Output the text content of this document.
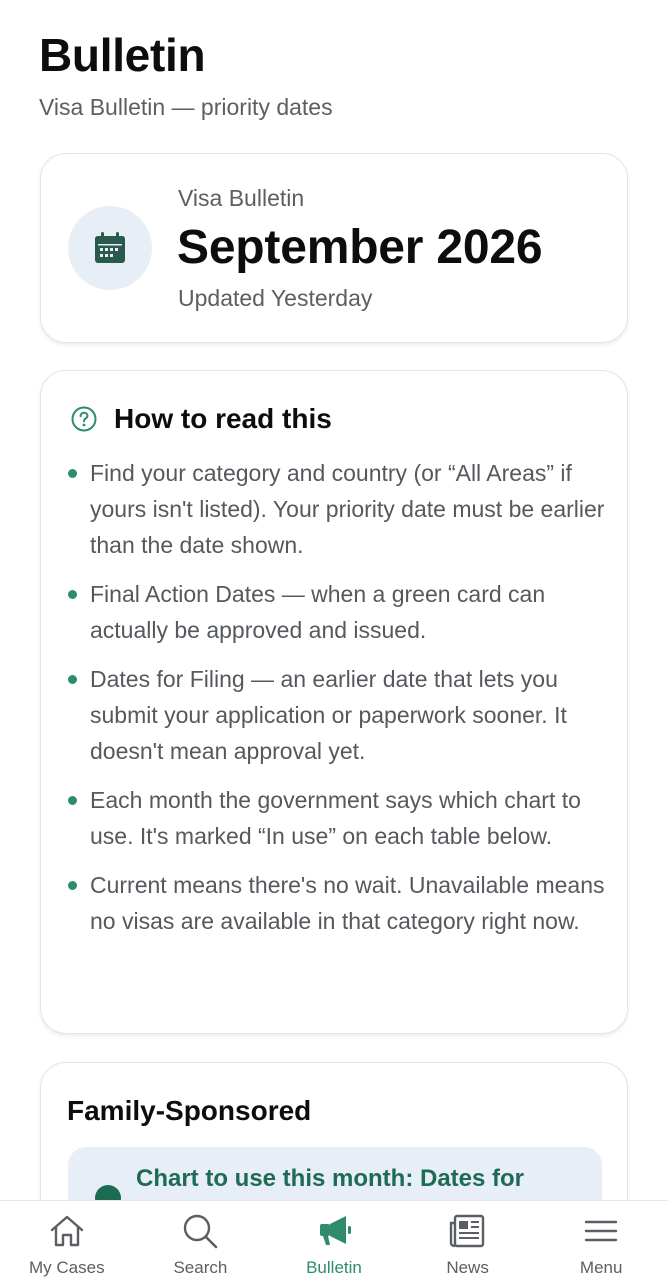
Bulletin
Visa Bulletin — priority dates
Visa Bulletin
September 2026
Updated Yesterday
How to read this
Find your category and country (or “All Areas” if yours isn't listed). Your priority date must be earlier than the date shown.
Final Action Dates — when a green card can actually be approved and issued.
Dates for Filing — an earlier date that lets you submit your application or paperwork sooner. It doesn't mean approval yet.
Each month the government says which chart to use. It's marked “In use” on each table below.
Current means there's no wait. Unavailable means no visas are available in that category right now.
Family-Sponsored
Chart to use this month: Dates for
My Cases	Search	Bulletin	News	Menu
